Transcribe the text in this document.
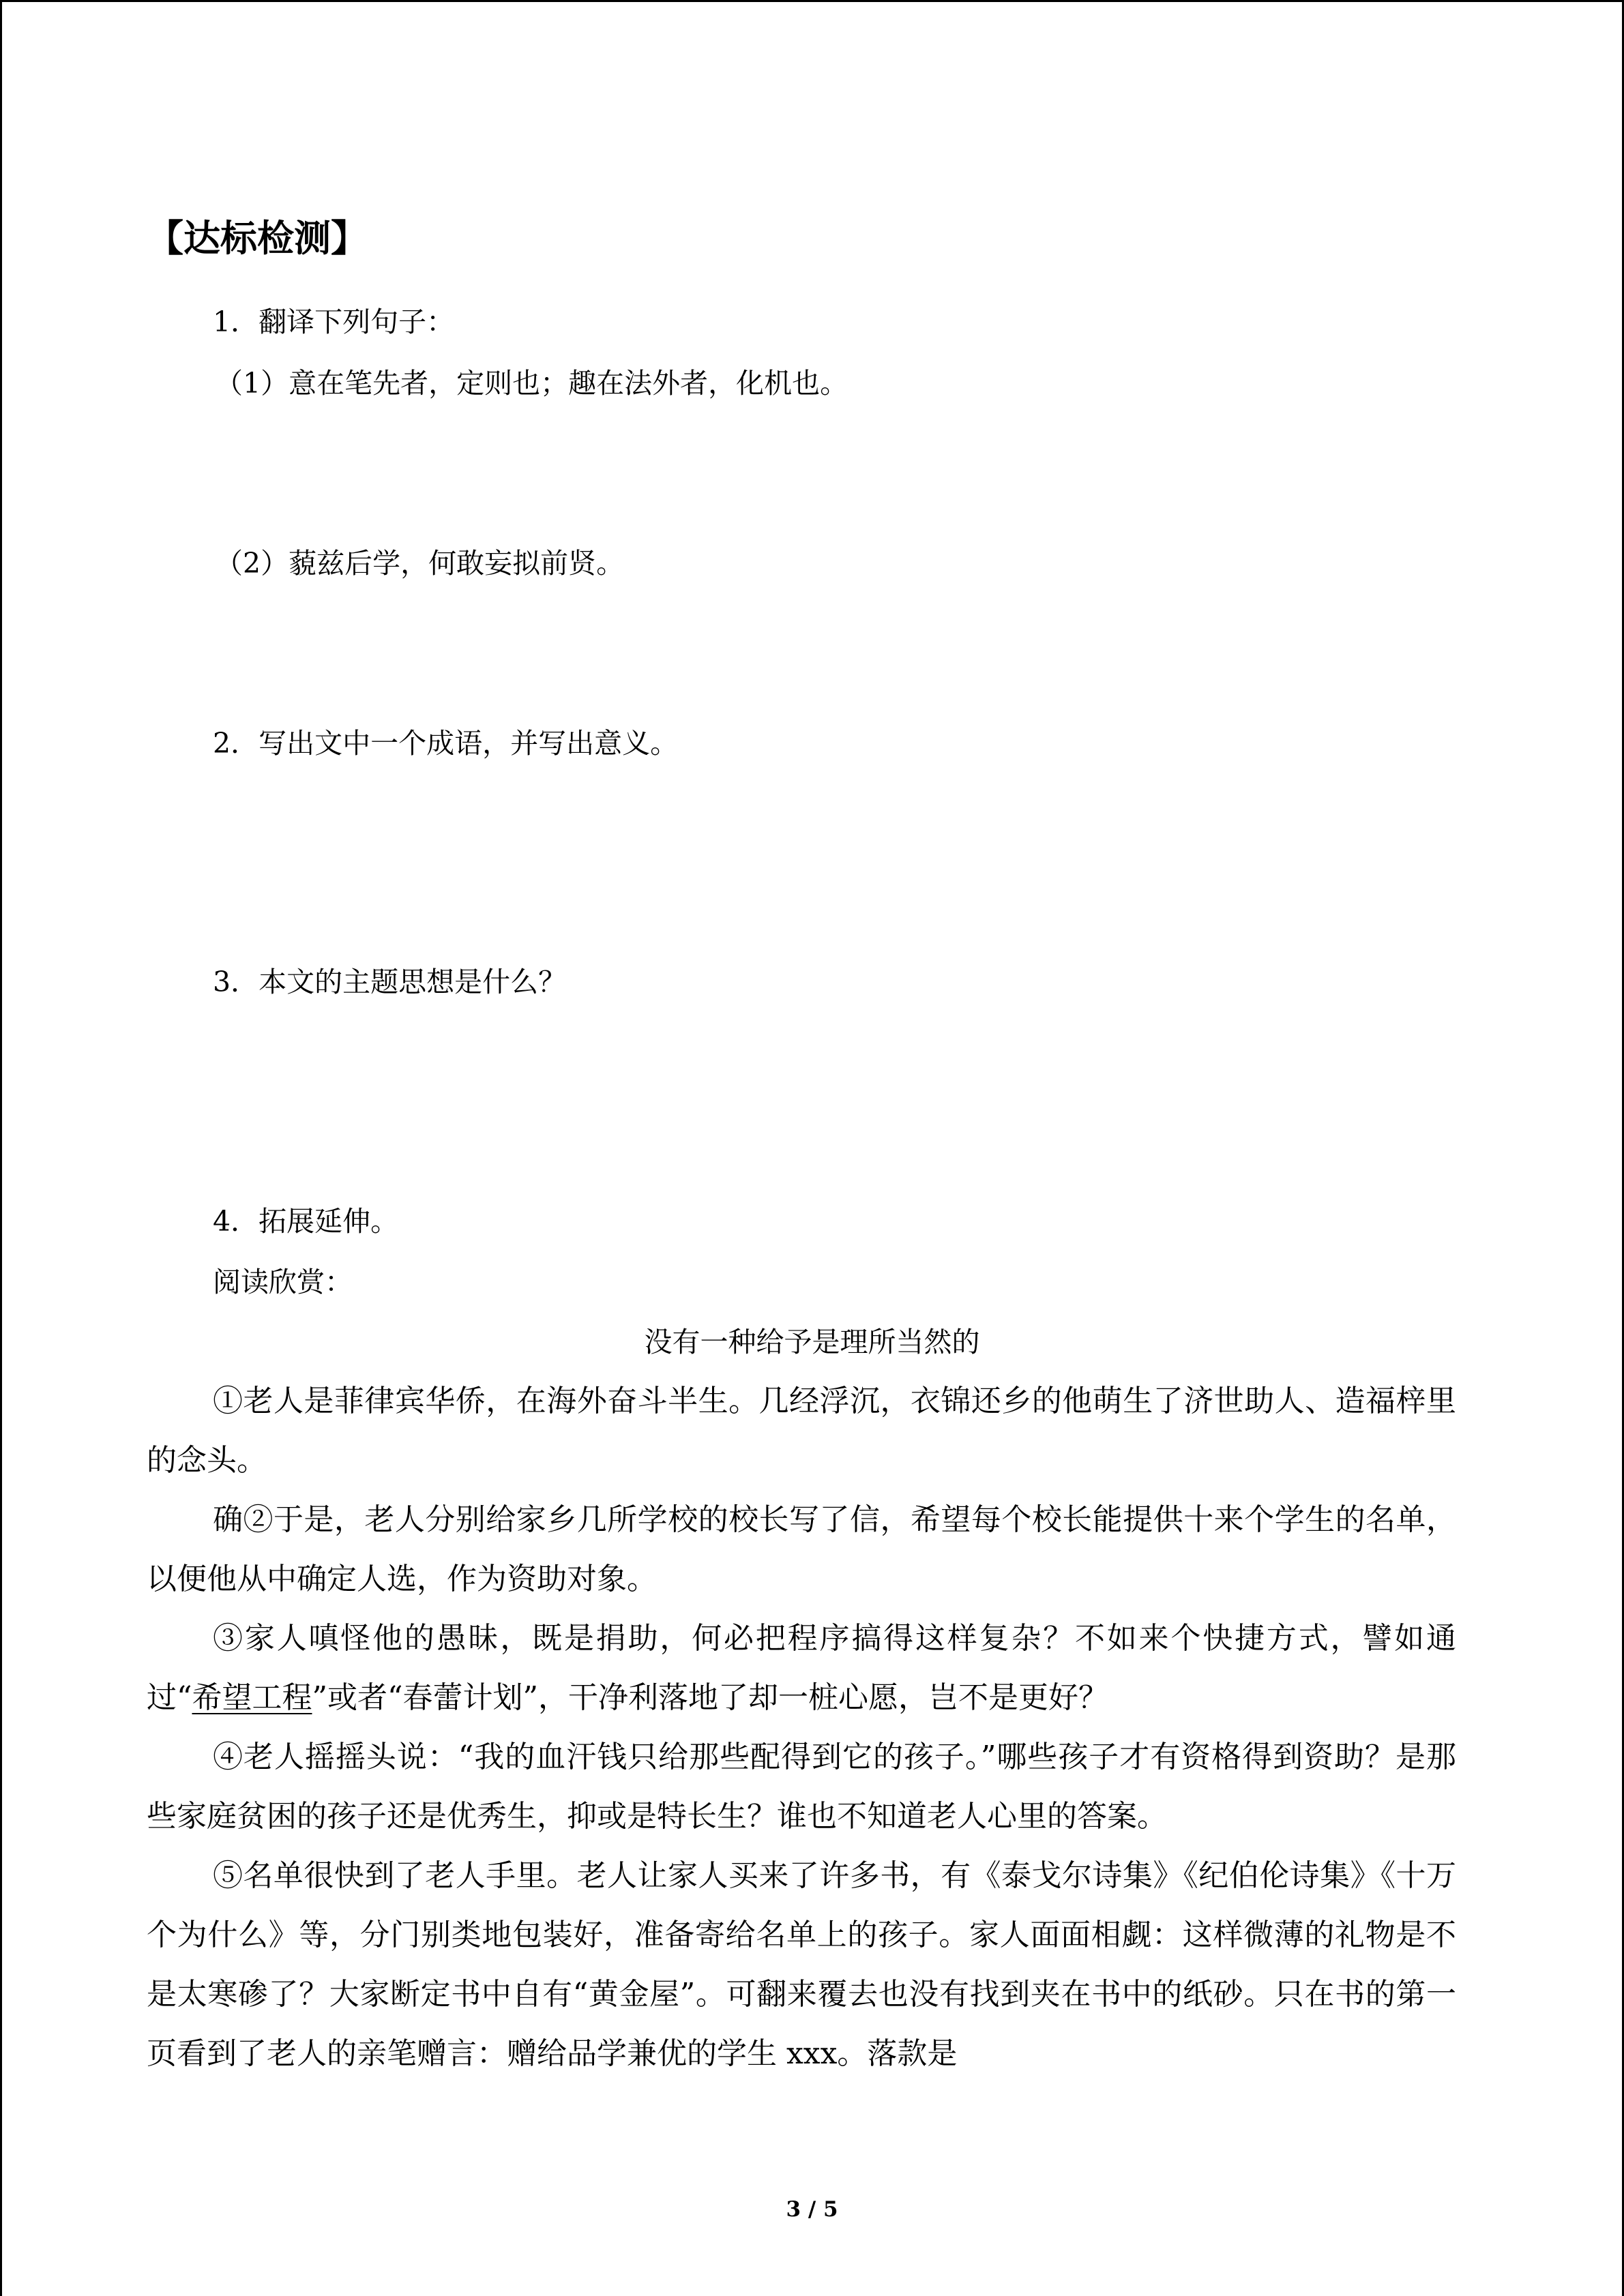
【达标检测】
1．翻译下列句子：
（1）意在笔先者，定则也；趣在法外者，化机也。
（2）藐兹后学，何敢妄拟前贤。
2．写出文中一个成语，并写出意义。
3．本文的主题思想是什么？
4．拓展延伸。
阅读欣赏：
没有一种给予是理所当然的
①老人是菲律宾华侨，在海外奋斗半生。几经浮沉，衣锦还乡的他萌生了济世助人、造福梓里的念头。
确②于是，老人分别给家乡几所学校的校长写了信，希望每个校长能提供十来个学生的名单，以便他从中确定人选，作为资助对象。
③家人嗔怪他的愚昧，既是捐助，何必把程序搞得这样复杂？不如来个快捷方式，譬如通过“希望工程”或者“春蕾计划”，干净利落地了却一桩心愿，岂不是更好？
④老人摇摇头说：“我的血汗钱只给那些配得到它的孩子。”哪些孩子才有资格得到资助？是那些家庭贫困的孩子还是优秀生，抑或是特长生？谁也不知道老人心里的答案。
⑤名单很快到了老人手里。老人让家人买来了许多书，有《泰戈尔诗集》《纪伯伦诗集》《十万个为什么》等，分门别类地包装好，准备寄给名单上的孩子。家人面面相觑：这样微薄的礼物是不是太寒碜了？大家断定书中自有“黄金屋”。可翻来覆去也没有找到夹在书中的纸砂。只在书的第一页看到了老人的亲笔赠言：赠给品学兼优的学生 xxx。落款是
3 / 5
